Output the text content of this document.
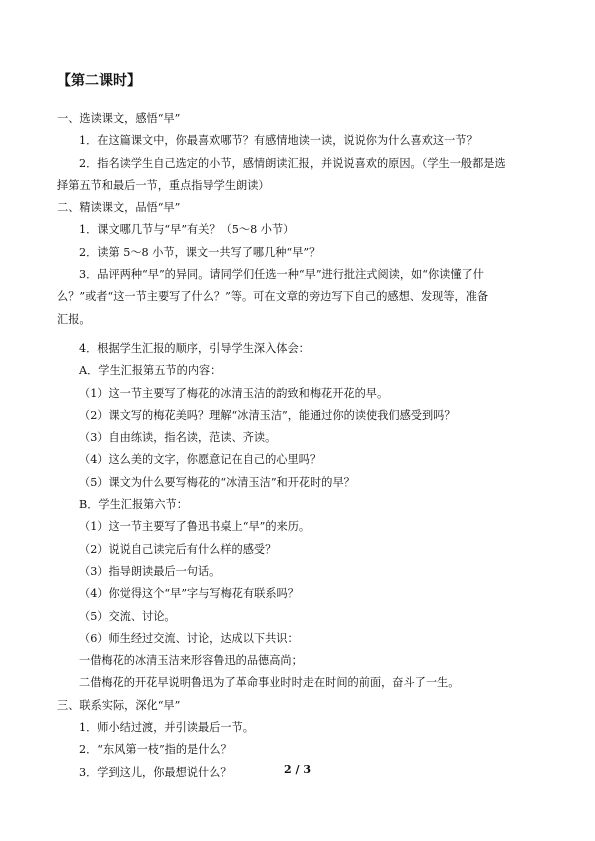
【第二课时】

一、选读课文，感悟“早”

1．在这篇课文中，你最喜欢哪节？有感情地读一读，说说你为什么喜欢这一节？

2．指名读学生自己选定的小节，感情朗读汇报，并说说喜欢的原因。（学生一般都是选

择第五节和最后一节，重点指导学生朗读）

二、精读课文，品悟“早”

1．课文哪几节与“早”有关？（5～8 小节）

2．读第 5～8 小节，课文一共写了哪几种“早”？

3．品评两种“早”的异同。请同学们任选一种“早”进行批注式阅读，如“你读懂了什

么？”或者“这一节主要写了什么？”等。可在文章的旁边写下自己的感想、发现等，准备

汇报。

4．根据学生汇报的顺序，引导学生深入体会：

A．学生汇报第五节的内容：

（1）这一节主要写了梅花的冰清玉洁的韵致和梅花开花的早。

（2）课文写的梅花美吗？理解“冰清玉洁”，能通过你的读使我们感受到吗？

（3）自由练读，指名读，范读、齐读。

（4）这么美的文字，你愿意记在自己的心里吗？

（5）课文为什么要写梅花的“冰清玉洁”和开花时的早？

B．学生汇报第六节：

（1）这一节主要写了鲁迅书桌上“早”的来历。

（2）说说自己读完后有什么样的感受？

（3）指导朗读最后一句话。

（4）你觉得这个“早”字与写梅花有联系吗？

（5）交流、讨论。

（6）师生经过交流、讨论，达成以下共识：

一借梅花的冰清玉洁来形容鲁迅的品德高尚；

二借梅花的开花早说明鲁迅为了革命事业时时走在时间的前面，奋斗了一生。

三、联系实际，深化“早”

1．师小结过渡，并引读最后一节。

2．“东风第一枝”指的是什么？

3．学到这儿，你最想说什么？	2 / 3
